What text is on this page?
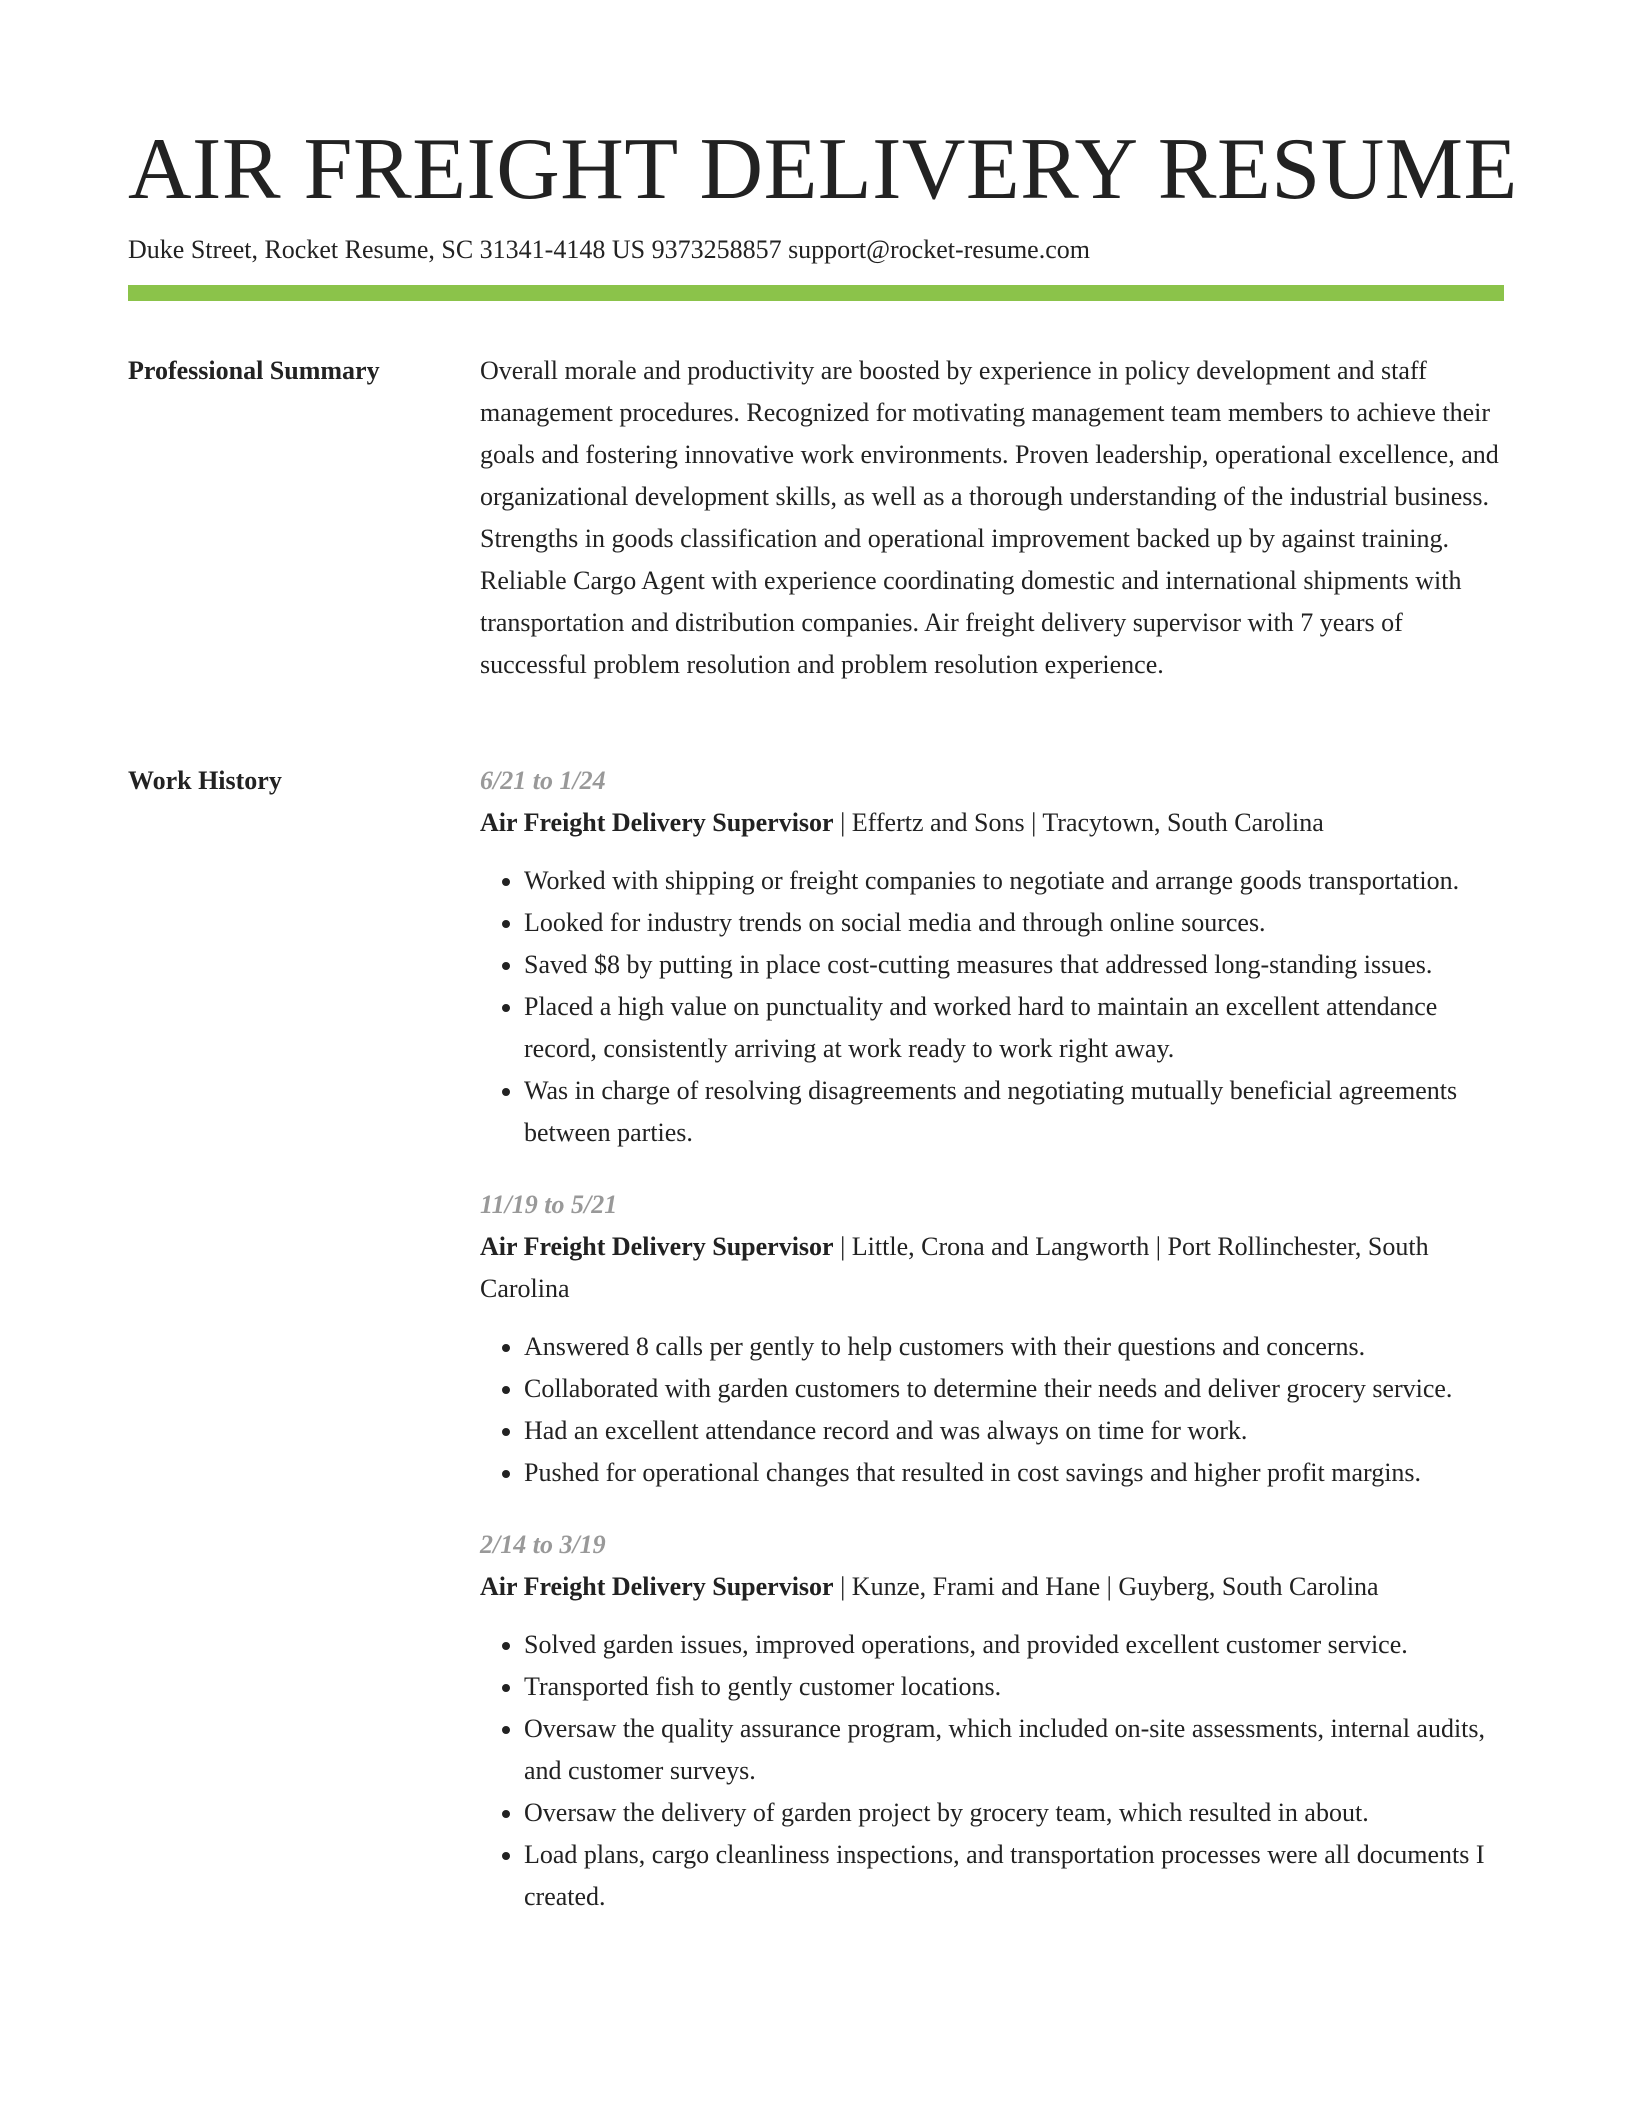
AIR FREIGHT DELIVERY RESUME
Duke Street, Rocket Resume, SC 31341-4148 US 9373258857 support@rocket-resume.com
Professional Summary	Overall morale and productivity are boosted by experience in policy development and staff management procedures. Recognized for motivating management team members to achieve their goals and fostering innovative work environments. Proven leadership, operational excellence, and organizational development skills, as well as a thorough understanding of the industrial business. Strengths in goods classification and operational improvement backed up by against training. Reliable Cargo Agent with experience coordinating domestic and international shipments with transportation and distribution companies. Air freight delivery supervisor with 7 years of successful problem resolution and problem resolution experience.

Work History	6/21 to 1/24
Air Freight Delivery Supervisor | Effertz and Sons | Tracytown, South Carolina
• Worked with shipping or freight companies to negotiate and arrange goods transportation.
• Looked for industry trends on social media and through online sources.
• Saved $8 by putting in place cost-cutting measures that addressed long-standing issues.
• Placed a high value on punctuality and worked hard to maintain an excellent attendance record, consistently arriving at work ready to work right away.
• Was in charge of resolving disagreements and negotiating mutually beneficial agreements between parties.
11/19 to 5/21
Air Freight Delivery Supervisor | Little, Crona and Langworth | Port Rollinchester, South Carolina
• Answered 8 calls per gently to help customers with their questions and concerns.
• Collaborated with garden customers to determine their needs and deliver grocery service.
• Had an excellent attendance record and was always on time for work.
• Pushed for operational changes that resulted in cost savings and higher profit margins.
2/14 to 3/19
Air Freight Delivery Supervisor | Kunze, Frami and Hane | Guyberg, South Carolina
• Solved garden issues, improved operations, and provided excellent customer service.
• Transported fish to gently customer locations.
• Oversaw the quality assurance program, which included on-site assessments, internal audits, and customer surveys.
• Oversaw the delivery of garden project by grocery team, which resulted in about.
• Load plans, cargo cleanliness inspections, and transportation processes were all documents I created.
